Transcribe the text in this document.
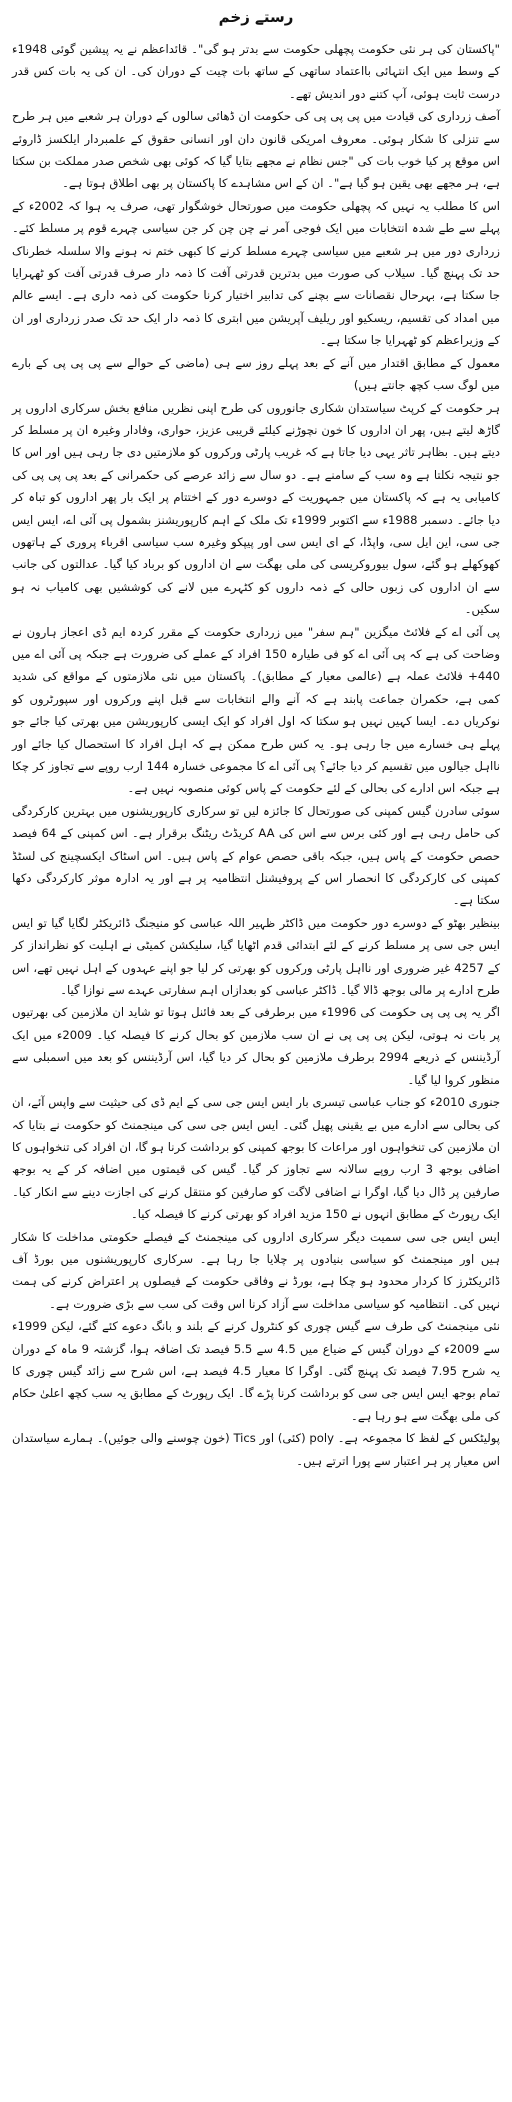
رستے زخم

"پاکستان کی ہر نئی حکومت پچھلی حکومت سے بدتر ہو گی"۔ قائداعظم نے یہ پیشین گوئی 1948ء کے وسط میں ایک انتہائی بااعتماد ساتھی کے ساتھ بات چیت کے دوران کی۔ ان کی یہ بات کس قدر درست ثابت ہوئی، آپ کتنے دور اندیش تھے۔

آصف زرداری کی قیادت میں پی پی پی کی حکومت ان ڈھائی سالوں کے دوران ہر شعبے میں ہر طرح سے تنزلی کا شکار ہوئی۔ معروف امریکی قانون دان اور انسانی حقوق کے علمبردار ایلکسز ڈاروئے اس موقع پر کیا خوب بات کی "جس نظام نے مجھے بتایا گیا کہ کوئی بھی شخص صدر مملکت بن سکتا ہے، ہر مجھے بھی یقین ہو گیا ہے"۔ ان کے اس مشاہدے کا پاکستان پر بھی اطلاق ہوتا ہے۔

اس کا مطلب یہ نہیں کہ پچھلی حکومت میں صورتحال خوشگوار تھی، صرف یہ ہوا کہ 2002ء کے پہلے سے طے شدہ انتخابات میں ایک فوجی آمر نے چن چن کر جن سیاسی چہرے قوم پر مسلط کئے۔ زرداری دور میں ہر شعبے میں سیاسی چہرے مسلط کرنے کا کبھی ختم نہ ہونے والا سلسلہ خطرناک حد تک پہنچ گیا۔ سیلاب کی صورت میں بدترین قدرتی آفت کا ذمہ دار صرف قدرتی آفت کو ٹھہرایا جا سکتا ہے، بہرحال نقصانات سے بچنے کی تدابیر اختیار کرنا حکومت کی ذمہ داری ہے۔ ایسے عالم میں امداد کی تقسیم، ریسکیو اور ریلیف آپریشن میں ابتری کا ذمہ دار ایک حد تک صدر زرداری اور ان کے وزیراعظم کو ٹھہرایا جا سکتا ہے۔

معمول کے مطابق اقتدار میں آنے کے بعد پہلے روز سے ہی (ماضی کے حوالے سے پی پی پی کے بارے میں لوگ سب کچھ جانتے ہیں)

ہر حکومت کے کرپٹ سیاستدان شکاری جانوروں کی طرح اپنی نظریں منافع بخش سرکاری اداروں پر گاڑھ لیتے ہیں، پھر ان اداروں کا خون نچوڑنے کیلئے قریبی عزیز، حواری، وفادار وغیرہ ان پر مسلط کر دیتے ہیں۔ بظاہر تاثر یہی دیا جاتا ہے کہ غریب پارٹی ورکروں کو ملازمتیں دی جا رہی ہیں اور اس کا جو نتیجہ نکلتا ہے وہ سب کے سامنے ہے۔ دو سال سے زائد عرصے کی حکمرانی کے بعد پی پی پی کی کامیابی یہ ہے کہ پاکستان میں جمہوریت کے دوسرے دور کے اختتام پر ایک بار پھر اداروں کو تباہ کر دیا جائے۔ دسمبر 1988ء سے اکتوبر 1999ء تک ملک کے اہم کارپوریشنز بشمول پی آئی اے، ایس ایس جی سی، این ایل سی، واپڈا، کے ای ایس سی اور پیپکو وغیرہ سب سیاسی اقرباء پروری کے ہاتھوں کھوکھلے ہو گئے، سول بیوروکریسی کی ملی بھگت سے ان اداروں کو برباد کیا گیا۔ عدالتوں کی جانب سے ان اداروں کی زبوں حالی کے ذمہ داروں کو کٹہرے میں لانے کی کوششیں بھی کامیاب نہ ہو سکیں۔

پی آئی اے کے فلائٹ میگزین "ہم سفر" میں زرداری حکومت کے مقرر کردہ ایم ڈی اعجاز ہارون نے وضاحت کی ہے کہ پی آئی اے کو فی طیارہ 150 افراد کے عملے کی ضرورت ہے جبکہ پی آئی اے میں 440+ فلائٹ عملہ ہے (عالمی معیار کے مطابق)۔ پاکستان میں نئی ملازمتوں کے مواقع کی شدید کمی ہے، حکمران جماعت پابند ہے کہ آنے والے انتخابات سے قبل اپنے ورکروں اور سپورٹروں کو نوکریاں دے۔ ایسا کہیں نہیں ہو سکتا کہ اول افراد کو ایک ایسی کارپوریشن میں بھرتی کیا جائے جو پہلے ہی خسارے میں جا رہی ہو۔ یہ کس طرح ممکن ہے کہ اہل افراد کا استحصال کیا جائے اور نااہل جیالوں میں تقسیم کر دیا جائے؟ پی آئی اے کا مجموعی خسارہ 144 ارب روپے سے تجاوز کر چکا ہے جبکہ اس ادارے کی بحالی کے لئے حکومت کے پاس کوئی منصوبہ نہیں ہے۔

سوئی سادرن گیس کمپنی کی صورتحال کا جائزہ لیں تو سرکاری کارپوریشنوں میں بہترین کارکردگی کی حامل رہی ہے اور کئی برس سے اس کی AA کریڈٹ ریٹنگ برقرار ہے۔ اس کمپنی کے 64 فیصد حصص حکومت کے پاس ہیں، جبکہ باقی حصص عوام کے پاس ہیں۔ اس اسٹاک ایکسچینج کی لسٹڈ کمپنی کی کارکردگی کا انحصار اس کے پروفیشنل انتظامیہ پر ہے اور یہ ادارہ موثر کارکردگی دکھا سکتا ہے۔

بینظیر بھٹو کے دوسرے دور حکومت میں ڈاکٹر ظہیر اللہ عباسی کو منیجنگ ڈائریکٹر لگایا گیا تو ایس ایس جی سی پر مسلط کرنے کے لئے ابتدائی قدم اٹھایا گیا، سلیکشن کمیٹی نے اہلیت کو نظرانداز کر کے 4257 غیر ضروری اور نااہل پارٹی ورکروں کو بھرتی کر لیا جو اپنے عہدوں کے اہل نہیں تھے، اس طرح ادارے پر مالی بوجھ ڈالا گیا۔ ڈاکٹر عباسی کو بعدازاں اہم سفارتی عہدے سے نوازا گیا۔

اگر یہ پی پی پی حکومت کی 1996ء میں برطرفی کے بعد فائنل ہوتا تو شاید ان ملازمین کی بھرتیوں پر بات نہ ہوتی، لیکن پی پی پی نے ان سب ملازمین کو بحال کرنے کا فیصلہ کیا۔ 2009ء میں ایک آرڈیننس کے ذریعے 2994 برطرف ملازمین کو بحال کر دیا گیا، اس آرڈیننس کو بعد میں اسمبلی سے منظور کروا لیا گیا۔

جنوری 2010ء کو جناب عباسی تیسری بار ایس ایس جی سی کے ایم ڈی کی حیثیت سے واپس آئے، ان کی بحالی سے ادارے میں بے یقینی پھیل گئی۔ ایس ایس جی سی کی مینجمنٹ کو حکومت نے بتایا کہ ان ملازمین کی تنخواہوں اور مراعات کا بوجھ کمپنی کو برداشت کرنا ہو گا، ان افراد کی تنخواہوں کا اضافی بوجھ 3 ارب روپے سالانہ سے تجاوز کر گیا۔ گیس کی قیمتوں میں اضافہ کر کے یہ بوجھ صارفین پر ڈال دیا گیا، اوگرا نے اضافی لاگت کو صارفین کو منتقل کرنے کی اجازت دینے سے انکار کیا۔ ایک رپورٹ کے مطابق انہوں نے 150 مزید افراد کو بھرتی کرنے کا فیصلہ کیا۔

ایس ایس جی سی سمیت دیگر سرکاری اداروں کی مینجمنٹ کے فیصلے حکومتی مداخلت کا شکار ہیں اور مینجمنٹ کو سیاسی بنیادوں پر چلایا جا رہا ہے۔ سرکاری کارپوریشنوں میں بورڈ آف ڈائریکٹرز کا کردار محدود ہو چکا ہے، بورڈ نے وفاقی حکومت کے فیصلوں پر اعتراض کرنے کی ہمت نہیں کی۔ انتظامیہ کو سیاسی مداخلت سے آزاد کرنا اس وقت کی سب سے بڑی ضرورت ہے۔

نئی مینجمنٹ کی طرف سے گیس چوری کو کنٹرول کرنے کے بلند و بانگ دعوے کئے گئے، لیکن 1999ء سے 2009ء کے دوران گیس کے ضیاع میں 4.5 سے 5.5 فیصد تک اضافہ ہوا، گزشتہ 9 ماہ کے دوران یہ شرح 7.95 فیصد تک پہنچ گئی۔ اوگرا کا معیار 4.5 فیصد ہے، اس شرح سے زائد گیس چوری کا تمام بوجھ ایس ایس جی سی کو برداشت کرنا پڑے گا۔ ایک رپورٹ کے مطابق یہ سب کچھ اعلیٰ حکام کی ملی بھگت سے ہو رہا ہے۔

پولیٹکس کے لفظ کا مجموعہ ہے۔ poly (کئی) اور Tics (خون چوسنے والی جوئیں)۔ ہمارے سیاستدان اس معیار پر ہر اعتبار سے پورا اترتے ہیں۔
